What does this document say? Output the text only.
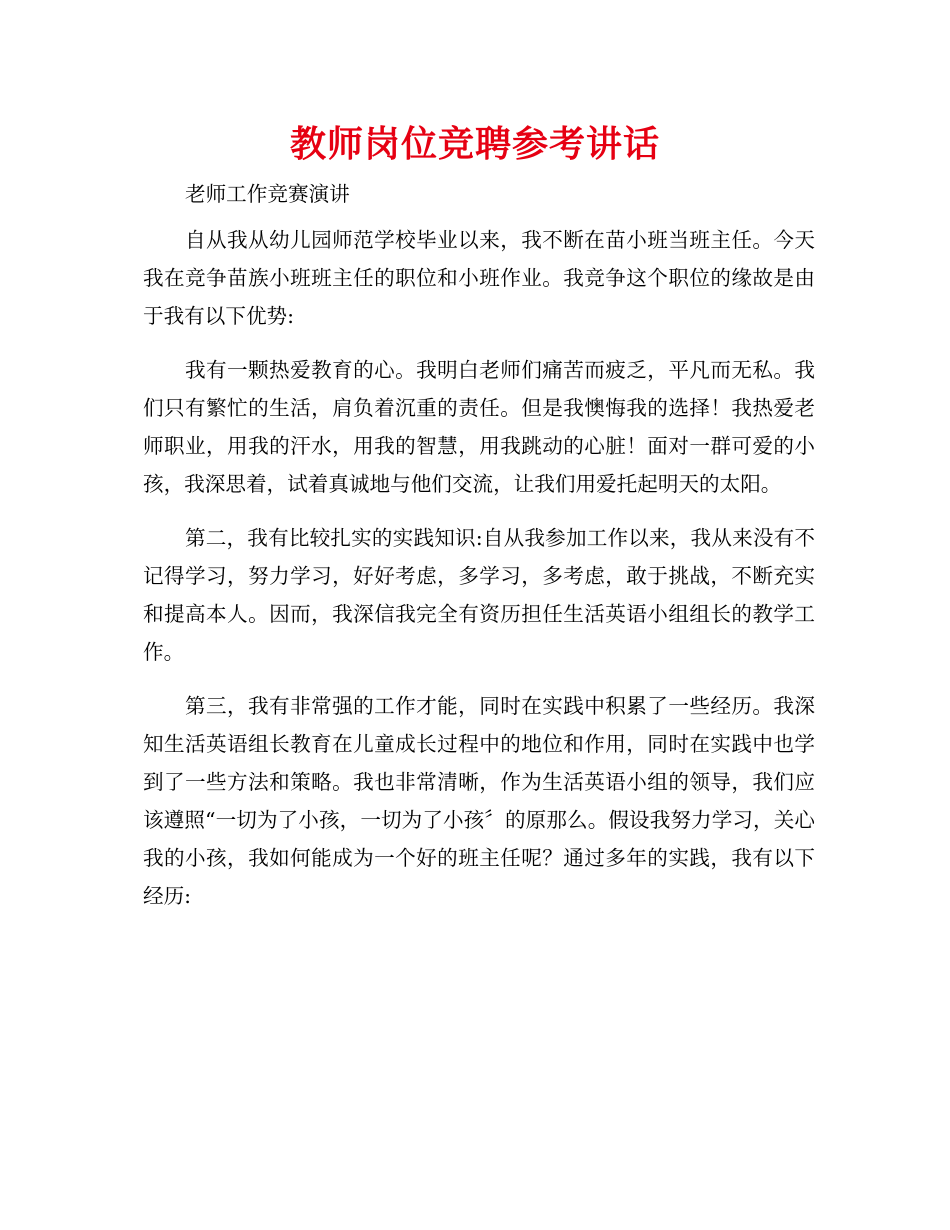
教师岗位竞聘参考讲话

老师工作竞赛演讲

自从我从幼儿园师范学校毕业以来，我不断在苗小班当班主任。今天我在竞争苗族小班班主任的职位和小班作业。我竞争这个职位的缘故是由于我有以下优势:

我有一颗热爱教育的心。我明白老师们痛苦而疲乏，平凡而无私。我们只有繁忙的生活，肩负着沉重的责任。但是我懊悔我的选择！我热爱老师职业，用我的汗水，用我的智慧，用我跳动的心脏！面对一群可爱的小孩，我深思着，试着真诚地与他们交流，让我们用爱托起明天的太阳。

第二，我有比较扎实的实践知识:自从我参加工作以来，我从来没有不记得学习，努力学习，好好考虑，多学习，多考虑，敢于挑战，不断充实和提高本人。因而，我深信我完全有资历担任生活英语小组组长的教学工作。

第三，我有非常强的工作才能，同时在实践中积累了一些经历。我深知生活英语组长教育在儿童成长过程中的地位和作用，同时在实践中也学到了一些方法和策略。我也非常清晰，作为生活英语小组的领导，我们应该遵照“一切为了小孩，一切为了小孩〞的原那么。假设我努力学习，关心我的小孩，我如何能成为一个好的班主任呢？通过多年的实践，我有以下经历:
